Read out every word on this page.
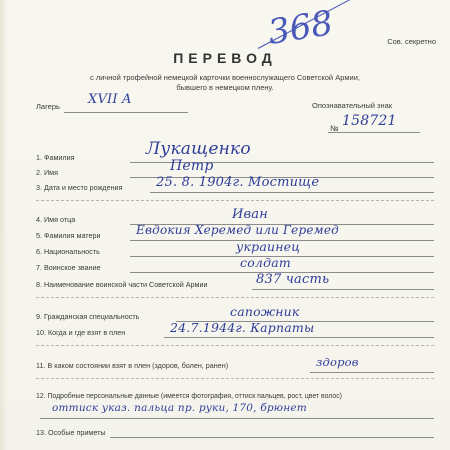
Сов. секретно
368
ПЕРЕВОД
с личной трофейной немецкой карточки военнослужащего Советской Армии,
бывшего в немецком плену.
Лагерь XVII A	Опознавательный знак
№ 158721
1. Фамилия	Лукащенко
2. Имя	Петр
3. Дата и место рождения	25. 8. 1904г. Мостище
4. Имя отца	Иван
5. Фамилия матери	Евдокия Херемед или Геремед
6. Национальность	украинец
7. Воинское звание	солдат
8. Наименование воинской части Советской Армии	837 часть
9. Гражданская специальность	сапожник
10. Когда и где взят в плен	24.7.1944г. Карпаты
11. В каком состоянии взят в плен (здоров, болен, ранен)	здоров
12. Подробные персональные данные (имеется фотография, оттиск пальцев, рост, цвет волос)
оттиск указ. пальца пр. руки, 170, брюнет
13. Особые приметы
